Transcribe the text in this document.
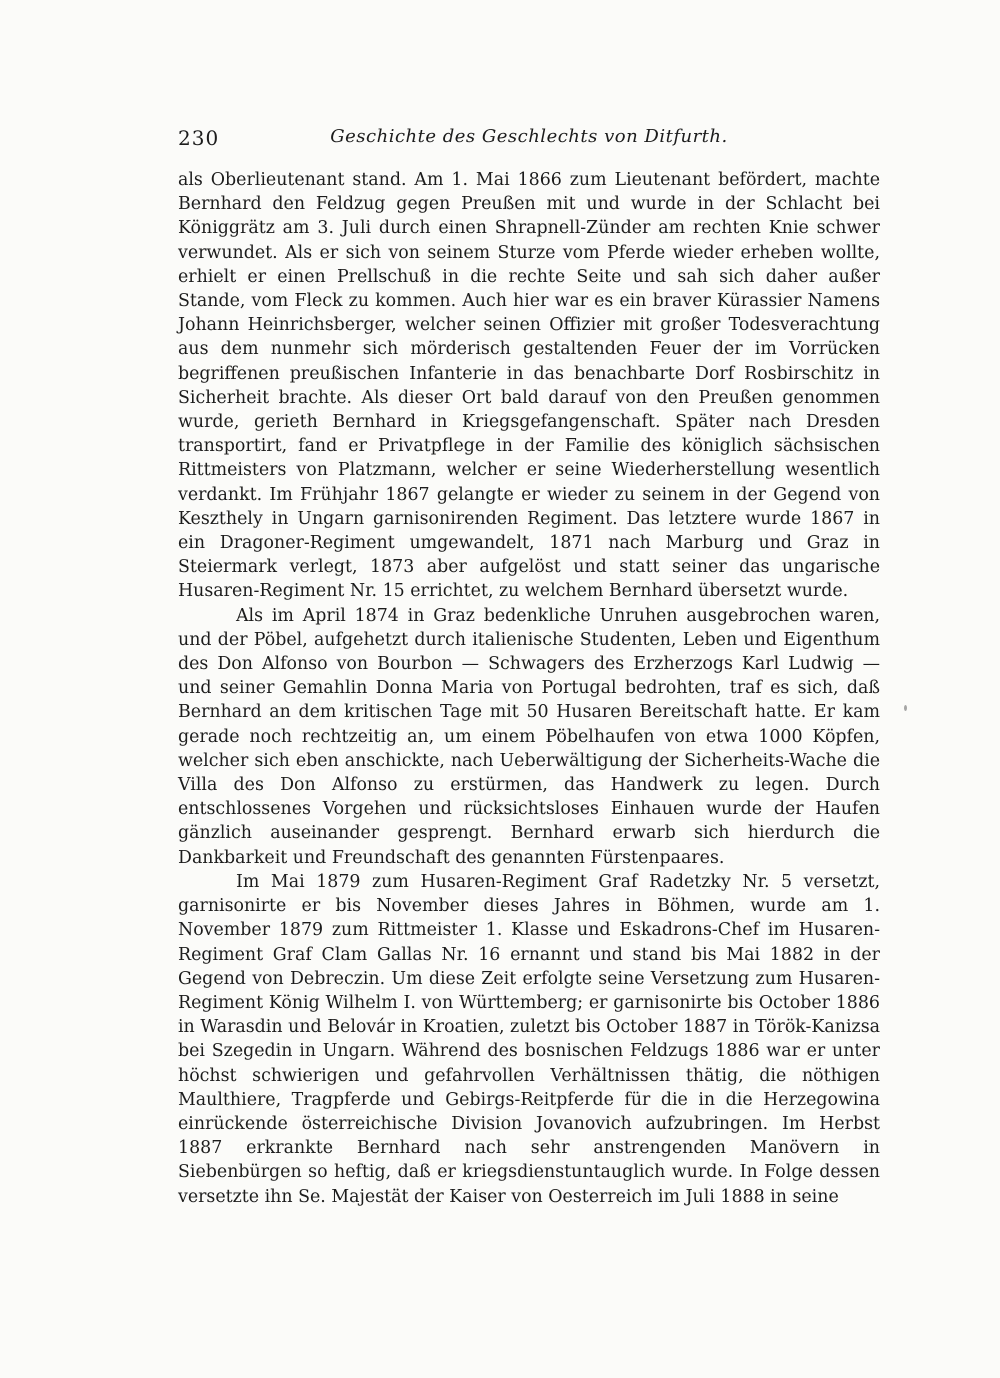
230	Geschichte des Geschlechts von Ditfurth.

als Oberlieutenant stand. Am 1. Mai 1866 zum Lieutenant befördert, machte Bernhard den Feldzug gegen Preußen mit und wurde in der Schlacht bei Königgrätz am 3. Juli durch einen Shrapnell-Zünder am rechten Knie schwer verwundet. Als er sich von seinem Sturze vom Pferde wieder erheben wollte, erhielt er einen Prellschuß in die rechte Seite und sah sich daher außer Stande, vom Fleck zu kommen. Auch hier war es ein braver Kürassier Namens Johann Heinrichsberger, welcher seinen Offizier mit großer Todesverachtung aus dem nunmehr sich mörderisch gestaltenden Feuer der im Vorrücken begriffenen preußischen Infanterie in das benachbarte Dorf Rosbirschitz in Sicherheit brachte. Als dieser Ort bald darauf von den Preußen genommen wurde, gerieth Bernhard in Kriegsgefangenschaft. Später nach Dresden transportirt, fand er Privatpflege in der Familie des königlich sächsischen Rittmeisters von Platzmann, welcher er seine Wiederherstellung wesentlich verdankt. Im Frühjahr 1867 gelangte er wieder zu seinem in der Gegend von Keszthely in Ungarn garnisonirenden Regiment. Das letztere wurde 1867 in ein Dragoner-Regiment umgewandelt, 1871 nach Marburg und Graz in Steiermark verlegt, 1873 aber aufgelöst und statt seiner das ungarische Husaren-Regiment Nr. 15 errichtet, zu welchem Bernhard übersetzt wurde.

Als im April 1874 in Graz bedenkliche Unruhen ausgebrochen waren, und der Pöbel, aufgehetzt durch italienische Studenten, Leben und Eigenthum des Don Alfonso von Bourbon — Schwagers des Erzherzogs Karl Ludwig — und seiner Gemahlin Donna Maria von Portugal bedrohten, traf es sich, daß Bernhard an dem kritischen Tage mit 50 Husaren Bereitschaft hatte. Er kam gerade noch rechtzeitig an, um einem Pöbelhaufen von etwa 1000 Köpfen, welcher sich eben anschickte, nach Ueberwältigung der Sicherheits-Wache die Villa des Don Alfonso zu erstürmen, das Handwerk zu legen. Durch entschlossenes Vorgehen und rücksichtsloses Einhauen wurde der Haufen gänzlich auseinander gesprengt. Bernhard erwarb sich hierdurch die Dankbarkeit und Freundschaft des genannten Fürstenpaares.

Im Mai 1879 zum Husaren-Regiment Graf Radetzky Nr. 5 versetzt, garnisonirte er bis November dieses Jahres in Böhmen, wurde am 1. November 1879 zum Rittmeister 1. Klasse und Eskadrons-Chef im Husaren-Regiment Graf Clam Gallas Nr. 16 ernannt und stand bis Mai 1882 in der Gegend von Debreczin. Um diese Zeit erfolgte seine Versetzung zum Husaren-Regiment König Wilhelm I. von Württemberg; er garnisonirte bis October 1886 in Warasdin und Belovár in Kroatien, zuletzt bis October 1887 in Török-Kanizsa bei Szegedin in Ungarn. Während des bosnischen Feldzugs 1886 war er unter höchst schwierigen und gefahrvollen Verhältnissen thätig, die nöthigen Maulthiere, Tragpferde und Gebirgs-Reitpferde für die in die Herzegowina einrückende österreichische Division Jovanovich aufzubringen. Im Herbst 1887 erkrankte Bernhard nach sehr anstrengenden Manövern in Siebenbürgen so heftig, daß er kriegsdienstuntauglich wurde. In Folge dessen versetzte ihn Se. Majestät der Kaiser von Oesterreich im Juli 1888 in seine
